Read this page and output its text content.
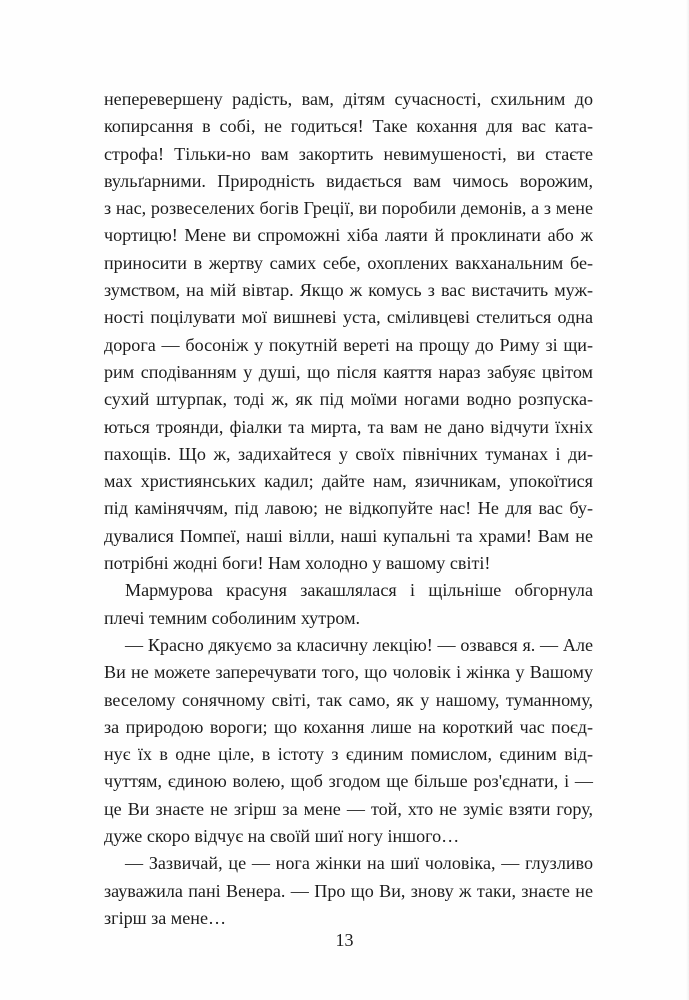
неперевершену радість, вам, дітям сучасності, схильним до
копирсання в собі, не годиться! Таке кохання для вас ката-
строфа! Тільки-но вам закортить невимушеності, ви стаєте
вульґарними. Природність видається вам чимось ворожим,
з нас, розвеселених богів Греції, ви поробили демонів, а з мене
чортицю! Мене ви спроможні хіба лаяти й проклинати або ж
приносити в жертву самих себе, охоплених вакханальним бе-
зумством, на мій вівтар. Якщо ж комусь з вас вистачить муж-
ності поцілувати мої вишневі уста, сміливцеві стелиться одна
дорога — босоніж у покутній вереті на прощу до Риму зі щи-
рим сподіванням у душі, що після каяття нараз забуяє цвітом
сухий штурпак, тоді ж, як під моїми ногами водно розпуска-
ються троянди, фіалки та мирта, та вам не дано відчути їхніх
пахощів. Що ж, задихайтеся у своїх північних туманах і ди-
мах християнських кадил; дайте нам, язичникам, упокоїтися
під каміняччям, під лавою; не відкопуйте нас! Не для вас бу-
дувалися Помпеї, наші вілли, наші купальні та храми! Вам не
потрібні жодні боги! Нам холодно у вашому світі!
Мармурова красуня закашлялася і щільніше обгорнула
плечі темним соболиним хутром.
— Красно дякуємо за класичну лекцію! — озвався я. — Але
Ви не можете заперечувати того, що чоловік і жінка у Вашому
веселому сонячному світі, так само, як у нашому, туманному,
за природою вороги; що кохання лише на короткий час поєд-
нує їх в одне ціле, в істоту з єдиним помислом, єдиним від-
чуттям, єдиною волею, щоб згодом ще більше роз'єднати, і —
це Ви знаєте не згірш за мене — той, хто не зуміє взяти гору,
дуже скоро відчує на своїй шиї ногу іншого…
— Зазвичай, це — нога жінки на шиї чоловіка, — глузливо
зауважила пані Венера. — Про що Ви, знову ж таки, знаєте не
згірш за мене…
13
